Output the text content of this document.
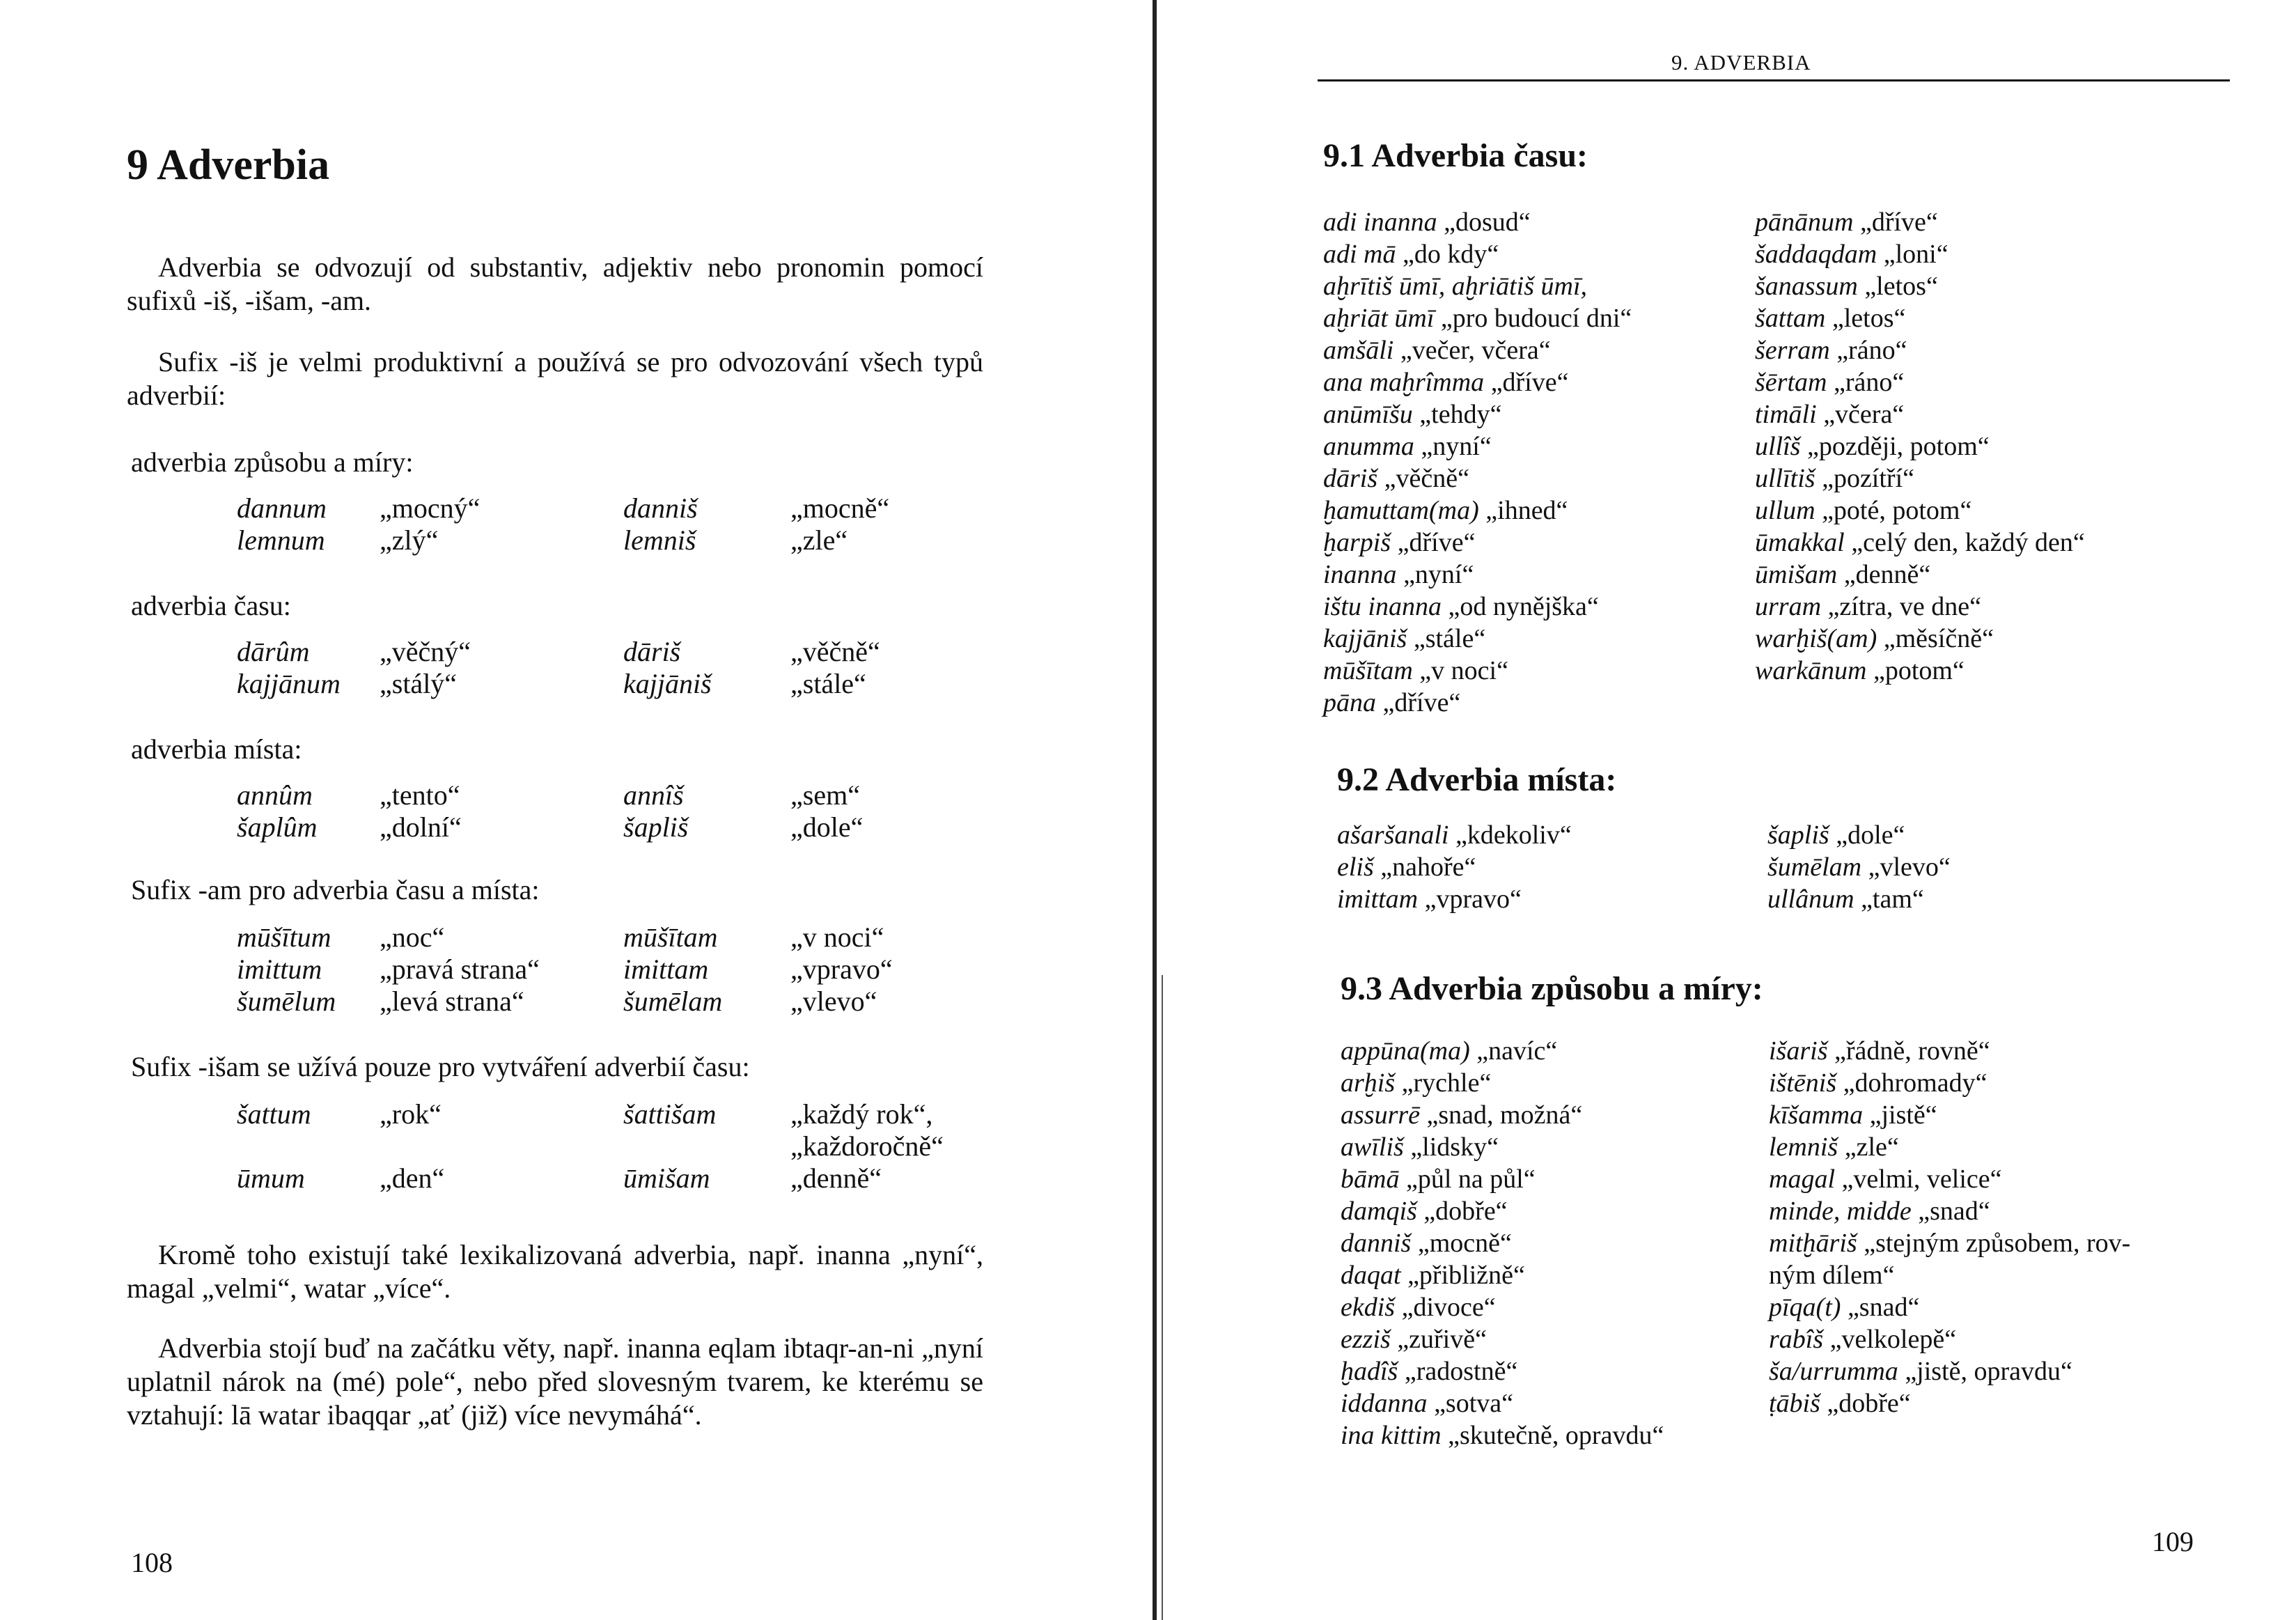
9 Adverbia
Adverbia se odvozují od substantiv, adjektiv nebo pronomin pomocí sufixů -iš, -išam, -am.
Sufix -iš je velmi produktivní a používá se pro odvozování všech typů adverbií:
adverbia způsobu a míry:
dannum „mocný“	danniš	„mocně“
lemnum „zlý“	lemniš	„zle“
adverbia času:
dārûm	„věčný“	dāriš	„věčně“
kajjānum „stálý“	kajjāniš	„stále“
adverbia místa:
annûm „tento“	annîš	„sem“
šaplûm „dolní“	šapliš	„dole“
Sufix -am pro adverbia času a místa:
mūšītum „noc“	mūšītam	„v noci“
imittum „pravá strana“	imittam	„vpravo“
šumēlum „levá strana“	šumēlam „vlevo“
Sufix -išam se užívá pouze pro vytváření adverbií času:
šattum „rok“	šattišam	„každý rok“,
„každoročně“
ūmum	„den“	ūmišam	„denně“
Kromě toho existují také lexikalizovaná adverbia, např. inanna „nyní“, magal „velmi“, watar „více“.
Adverbia stojí buď na začátku věty, např. inanna eqlam ibtaqr-an-ni „nyní uplatnil nárok na (mé) pole“, nebo před slovesným tvarem, ke kterému se vztahují: lā watar ibaqqar „ať (již) více nevymáhá“.
108
9. ADVERBIA
9.1 Adverbia času:
adi inanna „dosud“
adi mā „do kdy“
aḫrītiš ūmī, aḫriātiš ūmī,
aḫriāt ūmī „pro budoucí dni“
amšāli „večer, včera“
ana maḫrîmma „dříve“
anūmīšu „tehdy“
anumma „nyní“
dāriš „věčně“
ḫamuttam(ma) „ihned“
ḫarpiš „dříve“
inanna „nyní“
ištu inanna „od nynějška“
kajjāniš „stále“
mūšītam „v noci“
pāna „dříve“
pānānum „dříve“
šaddaqdam „loni“
šanassum „letos“
šattam „letos“
šerram „ráno“
šērtam „ráno“
timāli „včera“
ullîš „později, potom“
ullītiš „pozítří“
ullum „poté, potom“
ūmakkal „celý den, každý den“
ūmišam „denně“
urram „zítra, ve dne“
warḫiš(am) „měsíčně“
warkānum „potom“
9.2 Adverbia místa:
ašaršanali „kdekoliv“
eliš „nahoře“
imittam „vpravo“
šapliš „dole“
šumēlam „vlevo“
ullânum „tam“
9.3 Adverbia způsobu a míry:
appūna(ma) „navíc“
arḫiš „rychle“
assurrē „snad, možná“
awīliš „lidsky“
bāmā „půl na půl“
damqiš „dobře“
danniš „mocně“
daqat „přibližně“
ekdiš „divoce“
ezziš „zuřivě“
ḫadîš „radostně“
iddanna „sotva“
ina kittim „skutečně, opravdu“
išariš „řádně, rovně“
ištēniš „dohromady“
kīšamma „jistě“
lemniš „zle“
magal „velmi, velice“
minde, midde „snad“
mitḫāriš „stejným způsobem, rov-
ným dílem“
pīqa(t) „snad“
rabîš „velkolepě“
ša/urrumma „jistě, opravdu“
ṭābiš „dobře“
109
